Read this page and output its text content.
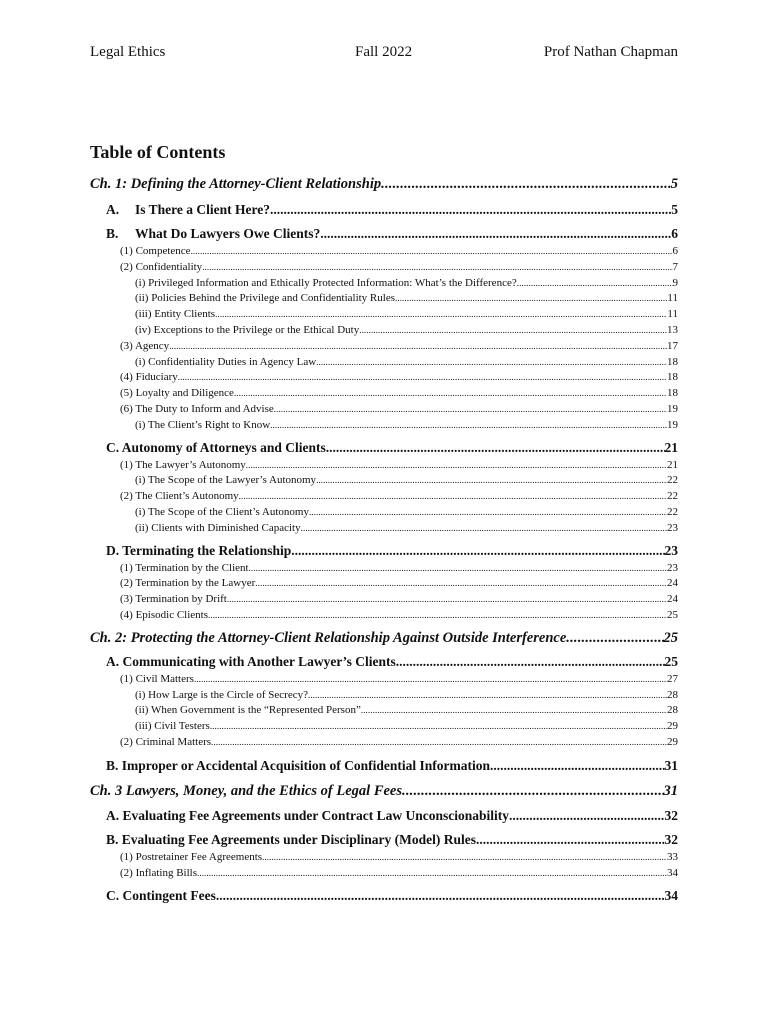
Legal Ethics	Fall 2022	Prof Nathan Chapman
Table of Contents
Ch. 1: Defining the Attorney-Client Relationship .....	5
A. Is There a Client Here? .....	5
B. What Do Lawyers Owe Clients? .....	6
(1) Competence .....	6
(2) Confidentiality .....	7
(i) Privileged Information and Ethically Protected Information: What’s the Difference? .....	9
(ii) Policies Behind the Privilege and Confidentiality Rules .....	11
(iii) Entity Clients .....	11
(iv) Exceptions to the Privilege or the Ethical Duty .....	13
(3) Agency .....	17
(i) Confidentiality Duties in Agency Law .....	18
(4) Fiduciary .....	18
(5) Loyalty and Diligence .....	18
(6) The Duty to Inform and Advise .....	19
(i) The Client’s Right to Know .....	19
C. Autonomy of Attorneys and Clients .....	21
(1) The Lawyer’s Autonomy .....	21
(i) The Scope of the Lawyer’s Autonomy .....	22
(2) The Client’s Autonomy .....	22
(i) The Scope of the Client’s Autonomy .....	22
(ii) Clients with Diminished Capacity .....	23
D. Terminating the Relationship .....	23
(1) Termination by the Client .....	23
(2) Termination by the Lawyer .....	24
(3) Termination by Drift .....	24
(4) Episodic Clients .....	25
Ch. 2: Protecting the Attorney-Client Relationship Against Outside Interference .....	25
A. Communicating with Another Lawyer’s Clients .....	25
(1) Civil Matters .....	27
(i) How Large is the Circle of Secrecy? .....	28
(ii) When Government is the “Represented Person” .....	28
(iii) Civil Testers .....	29
(2) Criminal Matters .....	29
B. Improper or Accidental Acquisition of Confidential Information .....	31
Ch. 3 Lawyers, Money, and the Ethics of Legal Fees .....	31
A. Evaluating Fee Agreements under Contract Law Unconscionability .....	32
B. Evaluating Fee Agreements under Disciplinary (Model) Rules .....	32
(1) Postretainer Fee Agreements .....	33
(2) Inflating Bills .....	34
C. Contingent Fees .....	34
